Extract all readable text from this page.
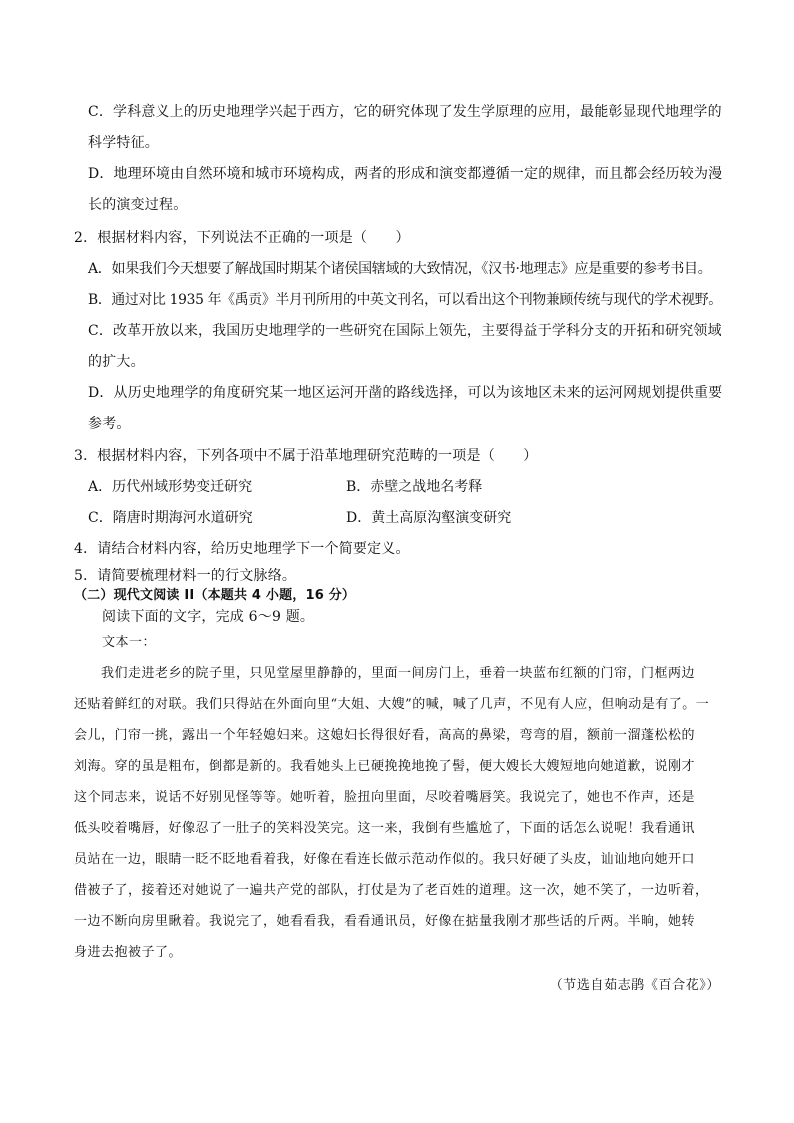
C．学科意义上的历史地理学兴起于西方，它的研究体现了发生学原理的应用，最能彰显现代地理学的
科学特征。
D．地理环境由自然环境和城市环境构成，两者的形成和演变都遵循一定的规律，而且都会经历较为漫
长的演变过程。
2．根据材料内容，下列说法不正确的一项是（　　）
A．如果我们今天想要了解战国时期某个诸侯国辖域的大致情况，《汉书·地理志》应是重要的参考书目。
B．通过对比 1935 年《禹贡》半月刊所用的中英文刊名，可以看出这个刊物兼顾传统与现代的学术视野。
C．改革开放以来，我国历史地理学的一些研究在国际上领先，主要得益于学科分支的开拓和研究领域
的扩大。
D．从历史地理学的角度研究某一地区运河开凿的路线选择，可以为该地区未来的运河网规划提供重要
参考。
3．根据材料内容，下列各项中不属于沿革地理研究范畴的一项是（　　）
A．历代州域形势变迁研究	B．赤壁之战地名考释
C．隋唐时期海河水道研究	D．黄土高原沟壑演变研究
4．请结合材料内容，给历史地理学下一个简要定义。
5．请简要梳理材料一的行文脉络。
（二）现代文阅读 II（本题共 4 小题，16 分）
阅读下面的文字，完成 6～9 题。
文本一：
　　我们走进老乡的院子里，只见堂屋里静静的，里面一间房门上，垂着一块蓝布红额的门帘，门框两边
还贴着鲜红的对联。我们只得站在外面向里“大姐、大嫂”的喊，喊了几声，不见有人应，但响动是有了。一
会儿，门帘一挑，露出一个年轻媳妇来。这媳妇长得很好看，高高的鼻梁，弯弯的眉，额前一溜蓬松松的
刘海。穿的虽是粗布，倒都是新的。我看她头上已硬挽挽地挽了髻，便大嫂长大嫂短地向她道歉，说刚才
这个同志来，说话不好别见怪等等。她听着，脸扭向里面，尽咬着嘴唇笑。我说完了，她也不作声，还是
低头咬着嘴唇，好像忍了一肚子的笑料没笑完。这一来，我倒有些尴尬了，下面的话怎么说呢！我看通讯
员站在一边，眼睛一眨不眨地看着我，好像在看连长做示范动作似的。我只好硬了头皮，讪讪地向她开口
借被子了，接着还对她说了一遍共产党的部队，打仗是为了老百姓的道理。这一次，她不笑了，一边听着，
一边不断向房里瞅着。我说完了，她看看我，看看通讯员，好像在掂量我刚才那些话的斤两。半晌，她转
身进去抱被子了。
（节选自茹志鹃《百合花》）
